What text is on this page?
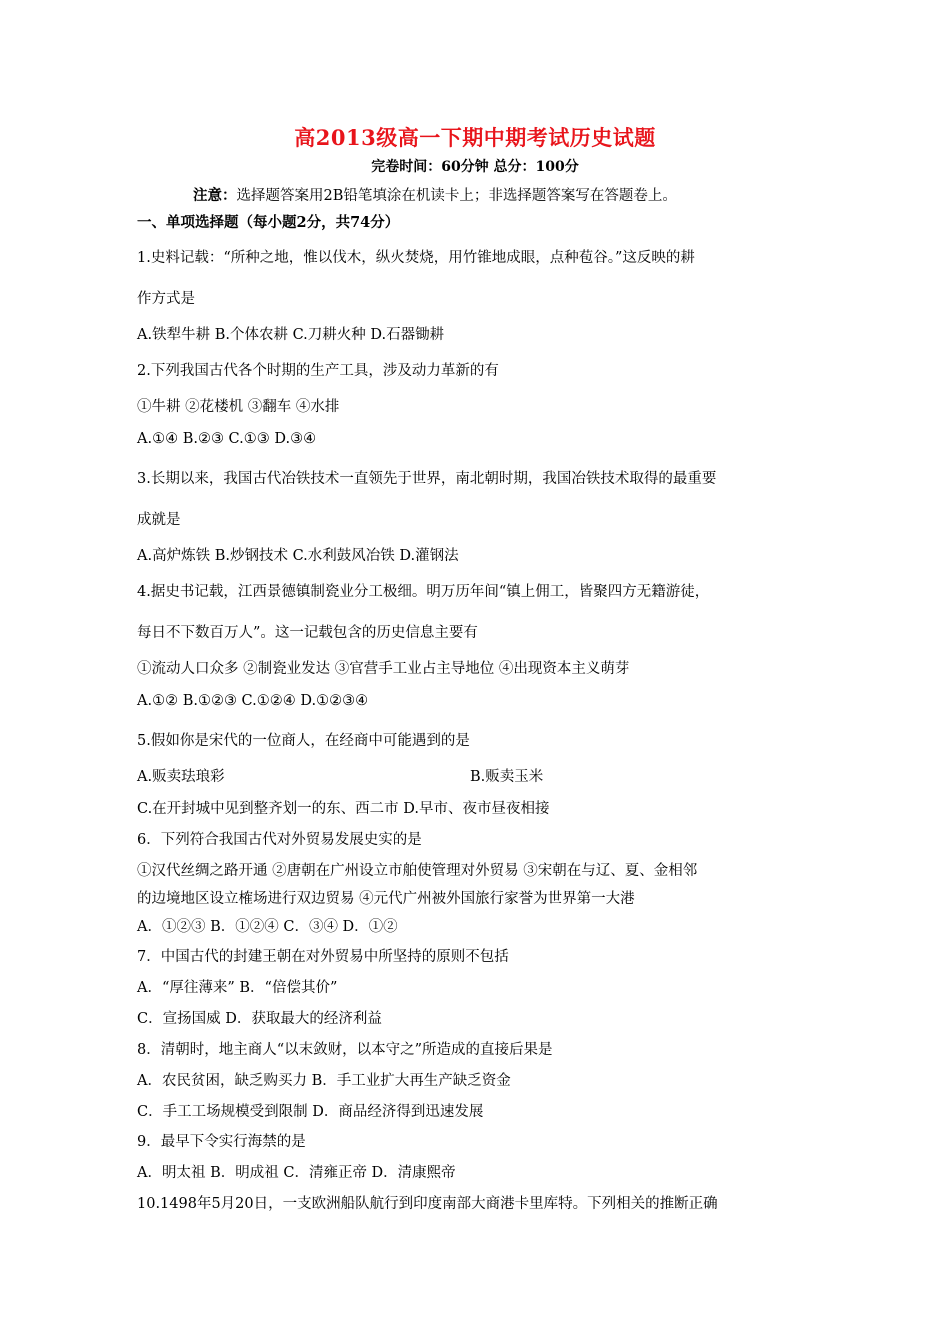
高2013级高一下期中期考试历史试题
完卷时间：60分钟 总分：100分
注意：选择题答案用2B铅笔填涂在机读卡上；非选择题答案写在答题卷上。
一、单项选择题（每小题2分，共74分）
1.史料记载：“所种之地，惟以伐木，纵火焚烧，用竹锥地成眼，点种苞谷。”这反映的耕
作方式是
A.铁犁牛耕 B.个体农耕 C.刀耕火种 D.石器锄耕
2.下列我国古代各个时期的生产工具，涉及动力革新的有
①牛耕 ②花楼机 ③翻车 ④水排
A.①④ B.②③ C.①③ D.③④
3.长期以来，我国古代冶铁技术一直领先于世界，南北朝时期，我国冶铁技术取得的最重要
成就是
A.高炉炼铁 B.炒钢技术 C.水利鼓风冶铁 D.灌钢法
4.据史书记载，江西景德镇制瓷业分工极细。明万历年间“镇上佣工，皆聚四方无籍游徒，
每日不下数百万人”。这一记载包含的历史信息主要有
①流动人口众多 ②制瓷业发达 ③官营手工业占主导地位 ④出现资本主义萌芽
A.①② B.①②③ C.①②④ D.①②③④
5.假如你是宋代的一位商人，在经商中可能遇到的是
A.贩卖珐琅彩	B.贩卖玉米
C.在开封城中见到整齐划一的东、西二市 D.早市、夜市昼夜相接
6．下列符合我国古代对外贸易发展史实的是
①汉代丝绸之路开通 ②唐朝在广州设立市舶使管理对外贸易 ③宋朝在与辽、夏、金相邻
的边境地区设立榷场进行双边贸易 ④元代广州被外国旅行家誉为世界第一大港
A．①②③ B．①②④ C．③④ D．①②
7．中国古代的封建王朝在对外贸易中所坚持的原则不包括
A．“厚往薄来” B．“倍偿其价”
C．宣扬国威 D．获取最大的经济利益
8．清朝时，地主商人“以末敛财，以本守之”所造成的直接后果是
A．农民贫困，缺乏购买力 B．手工业扩大再生产缺乏资金
C．手工工场规模受到限制 D．商品经济得到迅速发展
9．最早下令实行海禁的是
A．明太祖 B．明成祖 C．清雍正帝 D．清康熙帝
10.1498年5月20日，一支欧洲船队航行到印度南部大商港卡里库特。下列相关的推断正确
